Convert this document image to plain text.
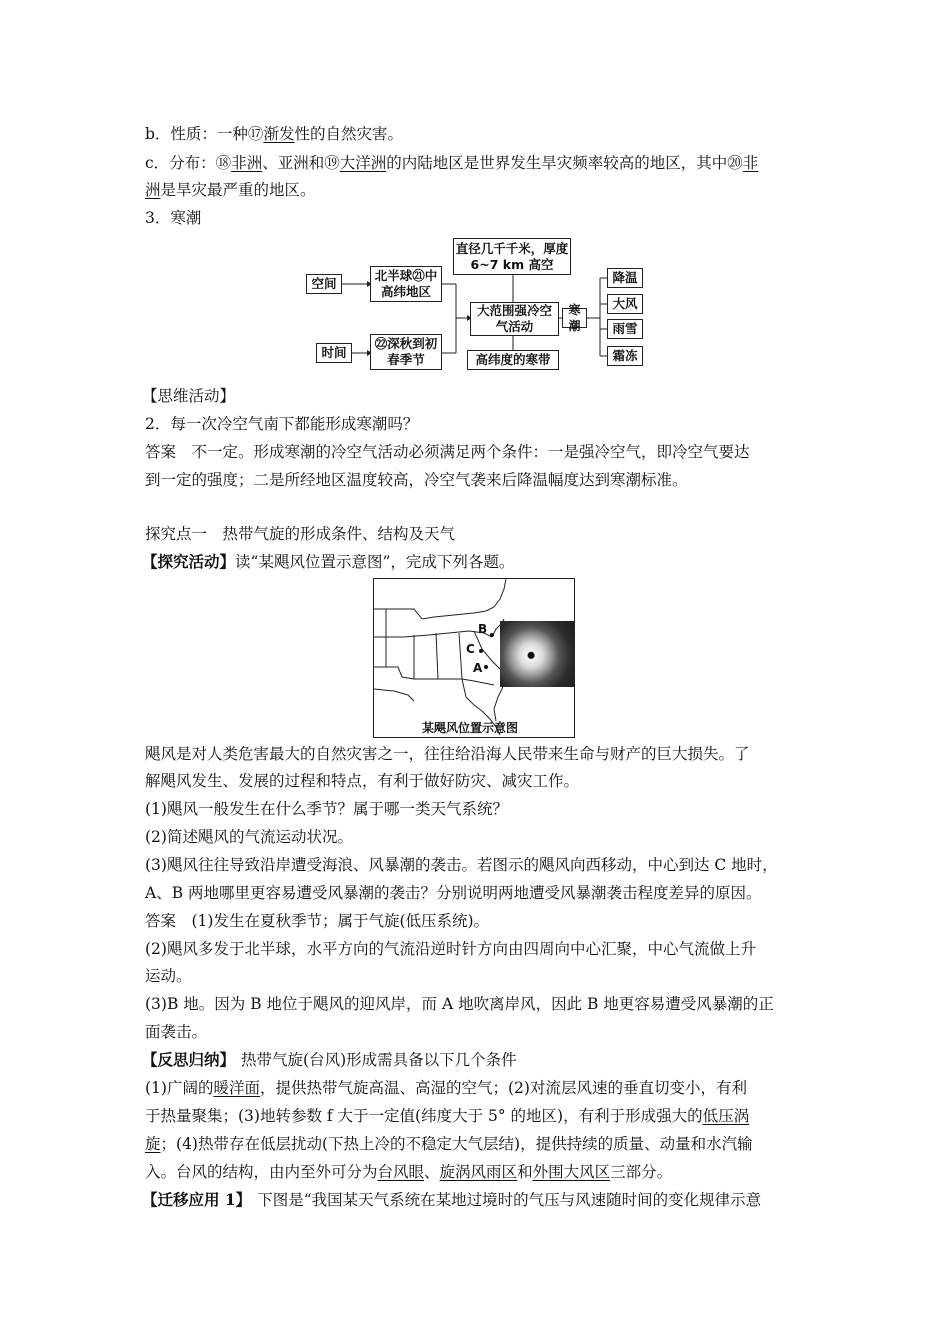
b．性质：一种⑰渐发性的自然灾害。
c．分布：⑱非洲、亚洲和⑲大洋洲的内陆地区是世界发生旱灾频率较高的地区，其中⑳非
洲是旱灾最严重的地区。
3．寒潮
空间
北半球㉑中高纬地区
时间
㉒深秋到初春季节
直径几千千米，厚度 6~7 km 高空
大范围强冷空气活动
高纬度的寒带
寒潮
降温
大风
雨雪
霜冻
【思维活动】
2．每一次冷空气南下都能形成寒潮吗？
答案　不一定。形成寒潮的冷空气活动必须满足两个条件：一是强冷空气，即冷空气要达
到一定的强度；二是所经地区温度较高，冷空气袭来后降温幅度达到寒潮标准。
探究点一　热带气旋的形成条件、结构及天气
【探究活动】读“某飓风位置示意图”，完成下列各题。
B
C
A
某飓风位置示意图
飓风是对人类危害最大的自然灾害之一，往往给沿海人民带来生命与财产的巨大损失。了
解飓风发生、发展的过程和特点，有利于做好防灾、减灾工作。
(1)飓风一般发生在什么季节？属于哪一类天气系统？
(2)简述飓风的气流运动状况。
(3)飓风往往导致沿岸遭受海浪、风暴潮的袭击。若图示的飓风向西移动，中心到达 C 地时，
A、B 两地哪里更容易遭受风暴潮的袭击？分别说明两地遭受风暴潮袭击程度差异的原因。
答案　(1)发生在夏秋季节；属于气旋(低压系统)。
(2)飓风多发于北半球，水平方向的气流沿逆时针方向由四周向中心汇聚，中心气流做上升
运动。
(3)B 地。因为 B 地位于飓风的迎风岸，而 A 地吹离岸风，因此 B 地更容易遭受风暴潮的正
面袭击。
【反思归纳】 热带气旋(台风)形成需具备以下几个条件
(1)广阔的暖洋面，提供热带气旋高温、高湿的空气；(2)对流层风速的垂直切变小，有利
于热量聚集；(3)地转参数 f 大于一定值(纬度大于 5° 的地区)，有利于形成强大的低压涡
旋；(4)热带存在低层扰动(下热上冷的不稳定大气层结)，提供持续的质量、动量和水汽输
入。台风的结构，由内至外可分为台风眼、旋涡风雨区和外围大风区三部分。
【迁移应用 1】 下图是“我国某天气系统在某地过境时的气压与风速随时间的变化规律示意
